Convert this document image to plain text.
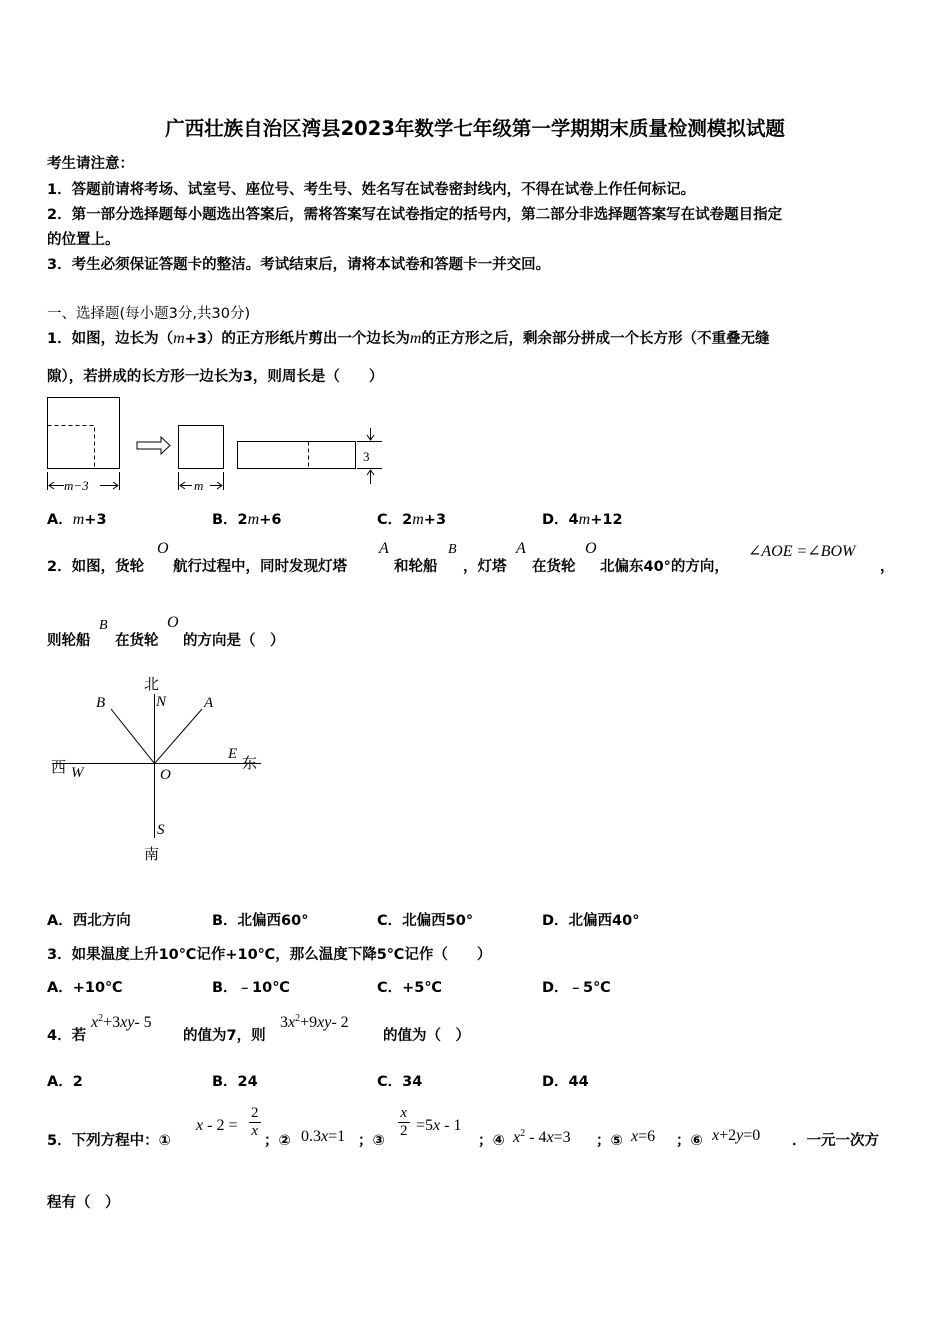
广西壮族自治区湾县2023年数学七年级第一学期期末质量检测模拟试题
考生请注意：
1．答题前请将考场、试室号、座位号、考生号、姓名写在试卷密封线内，不得在试卷上作任何标记。
2．第一部分选择题每小题选出答案后，需将答案写在试卷指定的括号内，第二部分非选择题答案写在试卷题目指定
的位置上。
3．考生必须保证答题卡的整洁。考试结束后，请将本试卷和答题卡一并交回。
一、选择题(每小题3分,共30分)
1．如图，边长为（m+3）的正方形纸片剪出一个边长为m的正方形之后，剩余部分拼成一个长方形（不重叠无缝
隙），若拼成的长方形一边长为3，则周长是（　　）
m−3	m
3
A．m+3	B．2m+6	C．2m+3	D．4m+12
2．如图，货轮
O
航行过程中，同时发现灯塔
A
和轮船
B
，灯塔
A
在货轮
O
北偏东40°的方向，
∠AOE =∠BOW
，
则轮船
B
在货轮
O
的方向是（　）
北
N
B	A
西 W	O
E
东
S
南
A．西北方向	B．北偏西60°	C．北偏西50°	D．北偏西40°
3．如果温度上升10℃记作+10℃，那么温度下降5℃记作（　　）
A．+10℃	B．﹣10℃	C．+5℃	D．﹣5℃
4．若
$x^2+3xy-$ 5
的值为7，则
$3x^2+9xy-$ 2
的值为（　）
A．2	B．24	C．34	D．44
5．下列方程中：①
$x - 2 = \frac{2}{x}$
；② 0.3x=1 ；③
$\frac{x}{2} =5x - 1$
；④ $x^2 - 4x=3$ ；⑤ x=6 ；⑥ x+2y=0 ．一元一次方
程有（　）
